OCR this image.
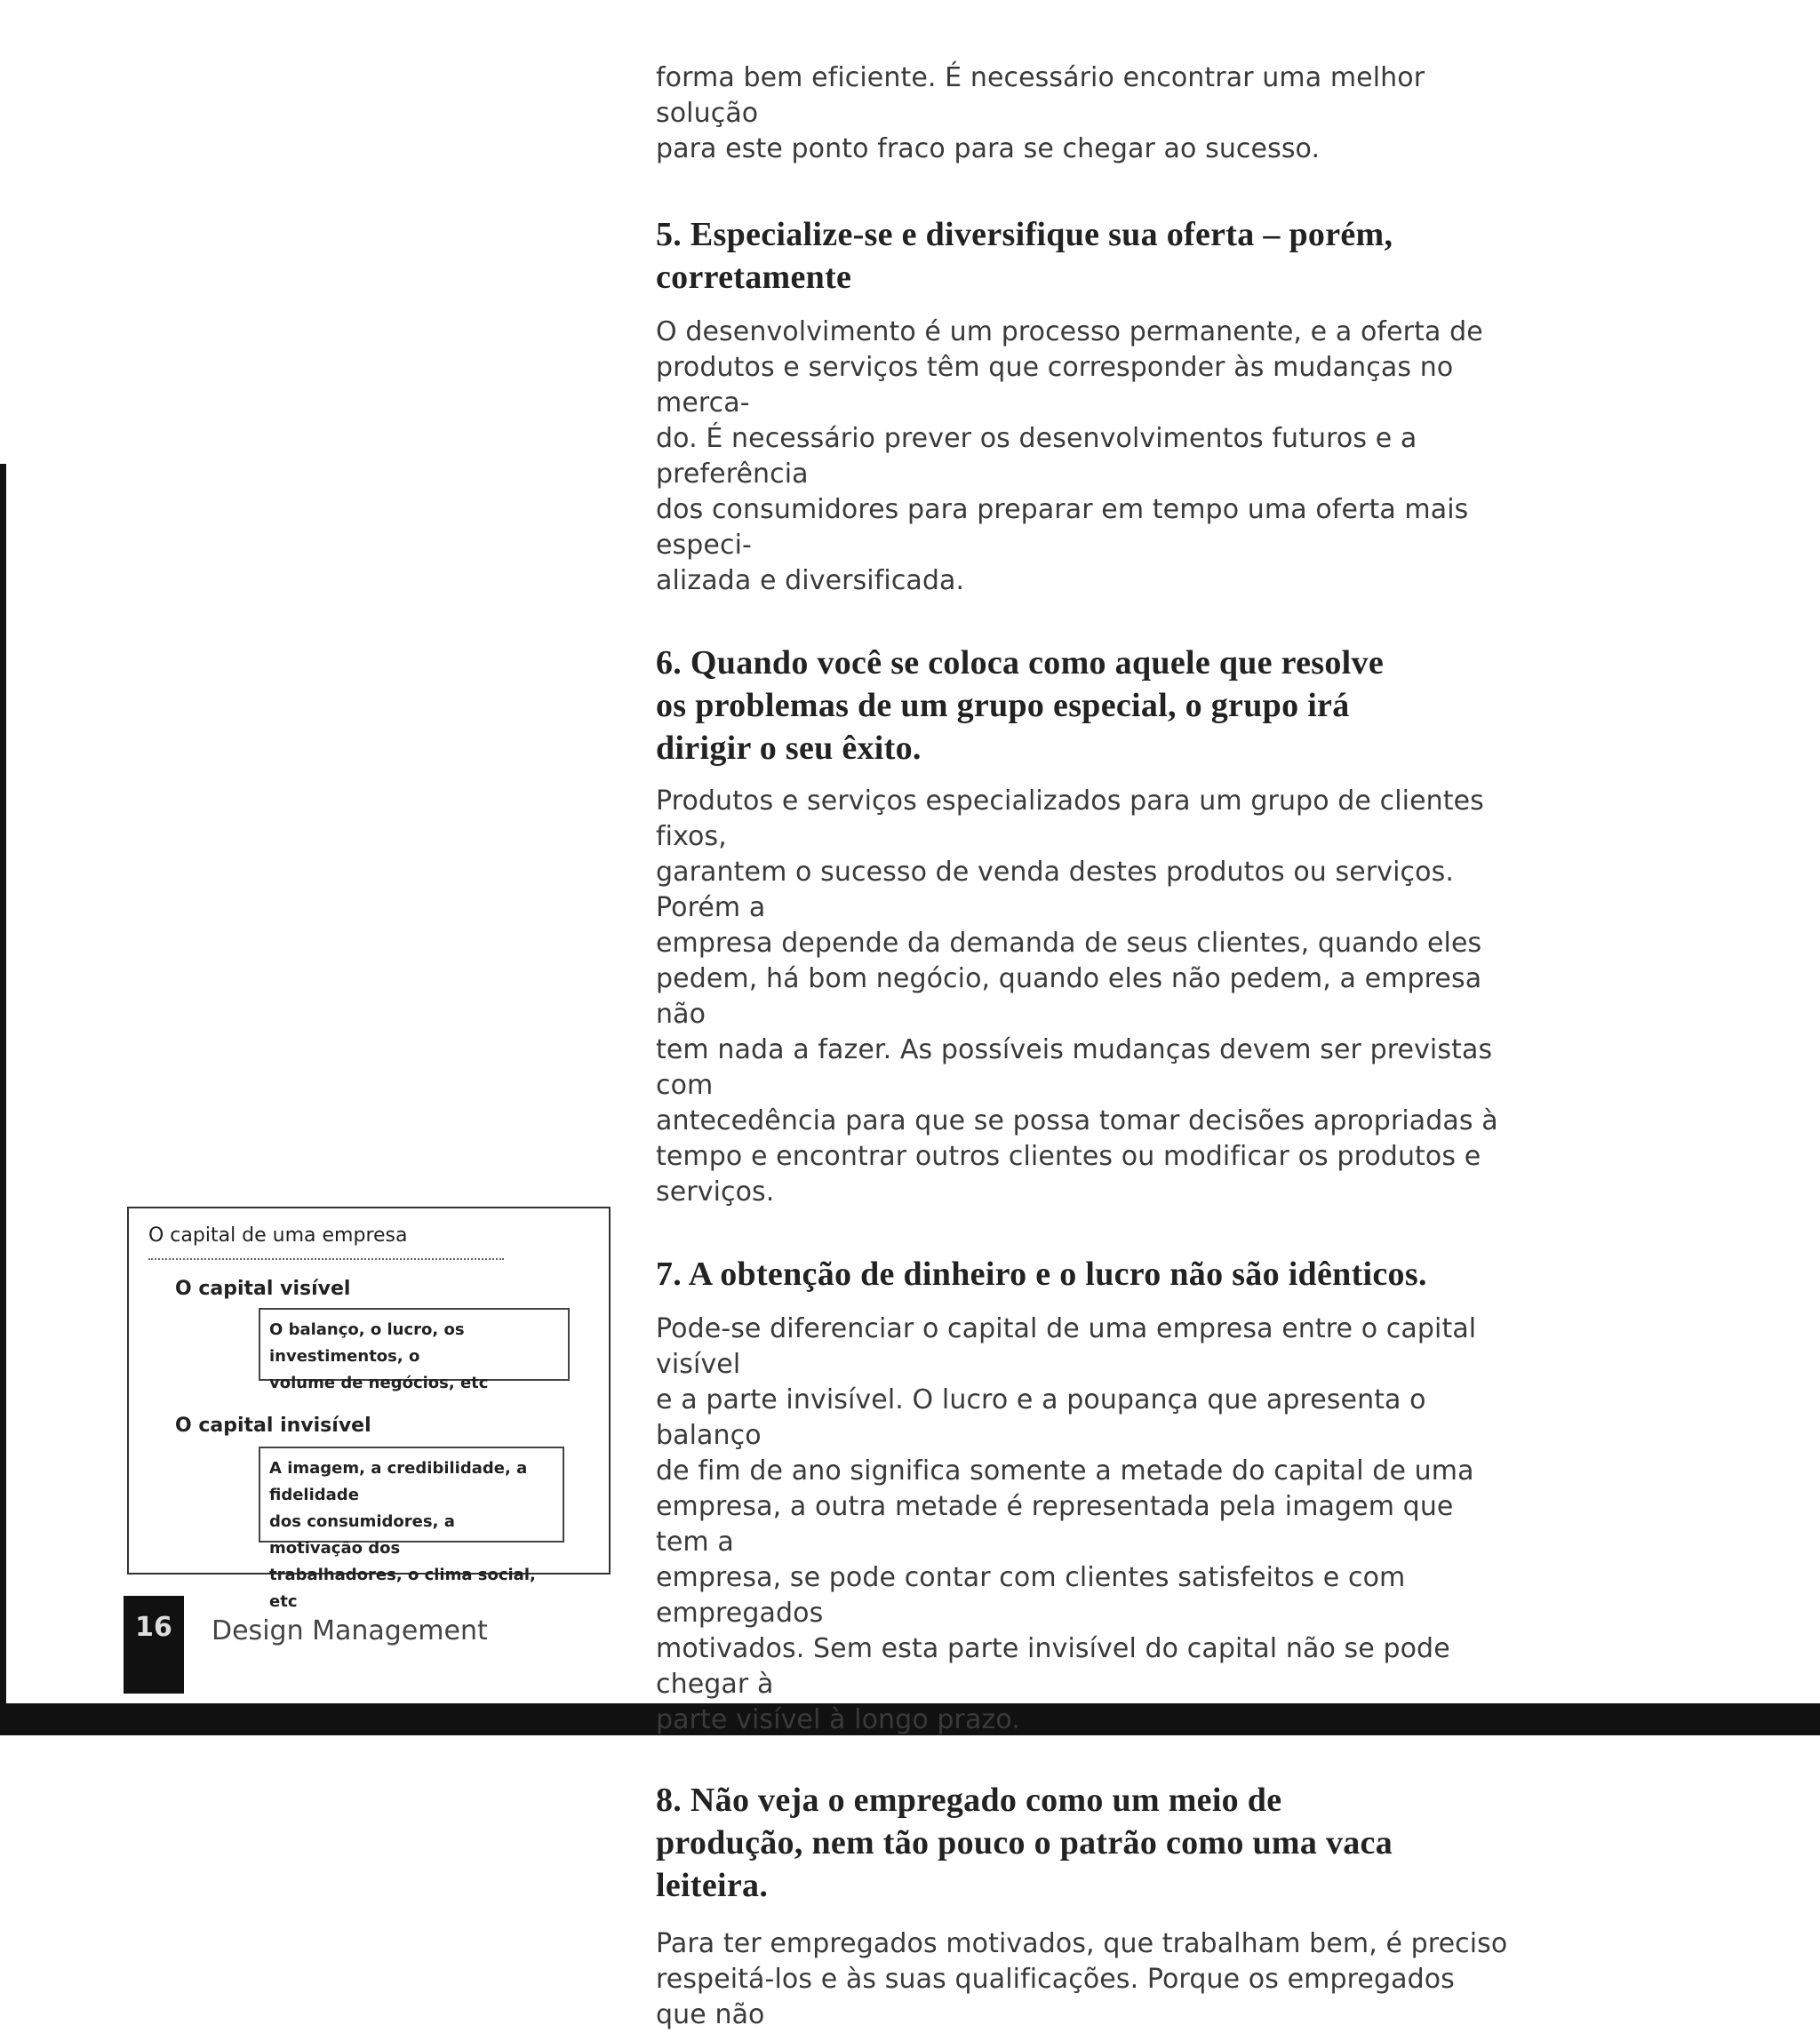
forma bem eficiente. É necessário encontrar uma melhor solução

para este ponto fraco para se chegar ao sucesso.

5. Especialize-se e diversifique sua oferta – porém,

corretamente

O desenvolvimento é um processo permanente, e a oferta de

produtos e serviços têm que corresponder às mudanças no merca-

do. É necessário prever os desenvolvimentos futuros e a preferência

dos consumidores para preparar em tempo uma oferta mais especi-

alizada e diversificada.

6. Quando você se coloca como aquele que resolve

os problemas de um grupo especial, o grupo irá

dirigir o seu êxito.

Produtos e serviços especializados para um grupo de clientes fixos,

garantem o sucesso de venda destes produtos ou serviços. Porém a

empresa depende da demanda de seus clientes, quando eles

pedem, há bom negócio, quando eles não pedem, a empresa não

tem nada a fazer. As possíveis mudanças devem ser previstas com

antecedência para que se possa tomar decisões apropriadas à

tempo e encontrar outros clientes ou modificar os produtos e

serviços.

7. A obtenção de dinheiro e o lucro não são idênticos.

Pode-se diferenciar o capital de uma empresa entre o capital visível

e a parte invisível. O lucro e a poupança que apresenta o balanço

de fim de ano significa somente a metade do capital de uma

empresa, a outra metade é representada pela imagem que tem a

empresa, se pode contar com clientes satisfeitos e com empregados

motivados. Sem esta parte invisível do capital não se pode chegar à

parte visível à longo prazo.

8. Não veja o empregado como um meio de

produção, nem tão pouco o patrão como uma vaca

leiteira.

Para ter empregados motivados, que trabalham bem, é preciso

respeitá-los e às suas qualificações. Porque os empregados que não

O capital de uma empresa
O capital visível
O balanço, o lucro, os investimentos, o
volume de negócios, etc
O capital invisível
A imagem, a credibilidade, a fidelidade
dos consumidores, a motivação dos
trabalhadores, o clima social, etc
16	Design Management
